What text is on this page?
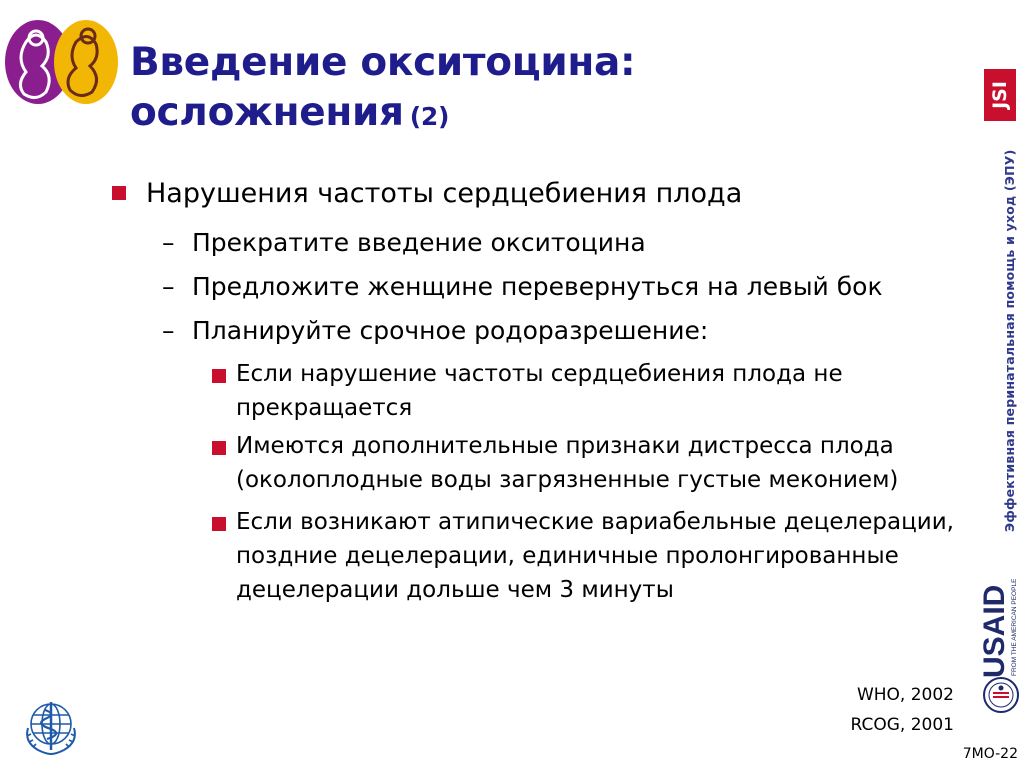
Введение окситоцина:
осложнения (2)
Нарушения частоты сердцебиения плода
– Прекратите введение окситоцина
– Предложите женщине перевернуться на левый бок
– Планируйте срочное родоразрешение:
Если нарушение частоты сердцебиения плода не прекращается
Имеются дополнительные признаки дистресса плода (околоплодные воды загрязненные густые меконием)
Если возникают атипические вариабельные децелерации, поздние децелерации, единичные пролонгированные децелерации дольше чем 3 минуты
WHO, 2002
RCOG, 2001
7MO-22
JSI
Эффективная перинатальная помощь и уход (ЭПУ)
USAID FROM THE AMERICAN PEOPLE
